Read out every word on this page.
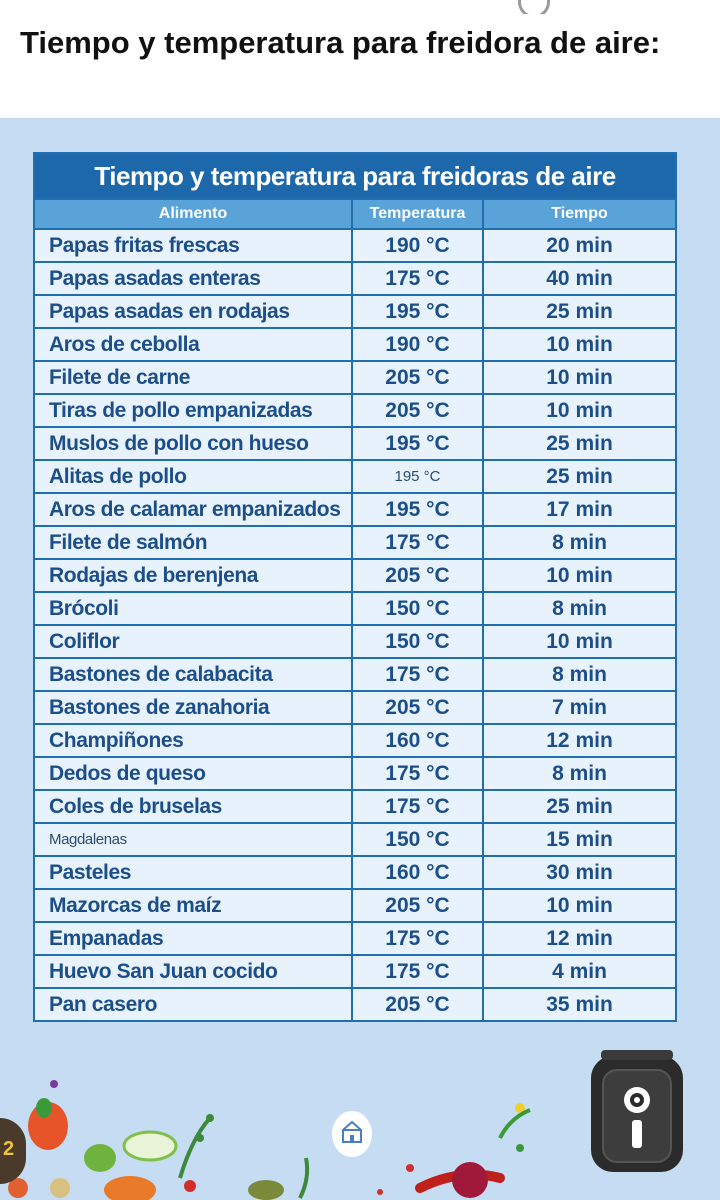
Tiempo y temperatura para freidora de aire:
Tiempo y temperatura para freidoras de aire		
Alimento	Temperatura	Tiempo
Papas fritas frescas	190 °C	20 min
Papas asadas enteras	175 °C	40 min
Papas asadas en rodajas	195 °C	25 min
Aros de cebolla	190 °C	10 min
Filete de carne	205 °C	10 min
Tiras de pollo empanizadas	205 °C	10 min
Muslos de pollo con hueso	195 °C	25 min
Alitas de pollo	195 °C	25 min
Aros de calamar empanizados	195 °C	17 min
Filete de salmón	175 °C	8 min
Rodajas de berenjena	205 °C	10 min
Brócoli	150 °C	8 min
Coliflor	150 °C	10 min
Bastones de calabacita	175 °C	8 min
Bastones de zanahoria	205 °C	7 min
Champiñones	160 °C	12 min
Dedos de queso	175 °C	8 min
Coles de bruselas	175 °C	25 min
Magdalenas	150 °C	15 min
Pasteles	160 °C	30 min
Mazorcas de maíz	205 °C	10 min
Empanadas	175 °C	12 min
Huevo San Juan cocido	175 °C	4 min
Pan casero	205 °C	35 min
2
